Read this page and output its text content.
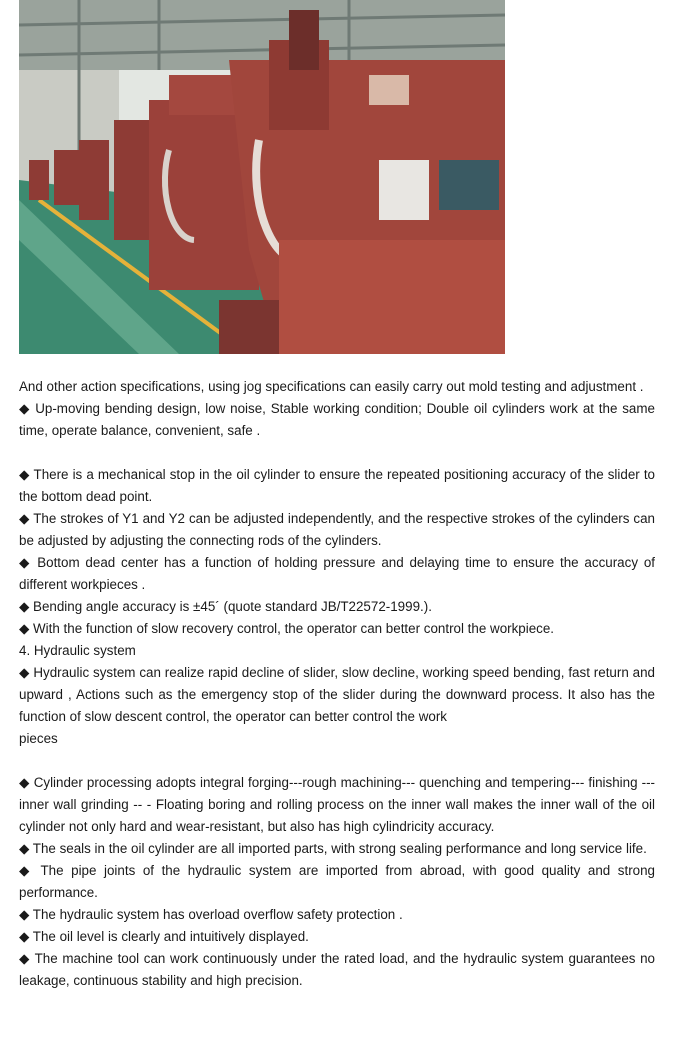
And other action specifications, using jog specifications can easily carry out mold testing and adjustment .

◆ Up-moving bending design, low noise, Stable working condition; Double oil cylinders work at the same time, operate balance, convenient, safe .

◆ There is a mechanical stop in the oil cylinder to ensure the repeated positioning accuracy of the slider to the bottom dead point.

◆ The strokes of Y1 and Y2 can be adjusted independently, and the respective strokes of the cylinders can be adjusted by adjusting the connecting rods of the cylinders.

◆ Bottom dead center has a function of holding pressure and delaying time to ensure the accuracy of different workpieces .

◆ Bending angle accuracy is ±45´ (quote standard JB/T22572-1999.).

◆ With the function of slow recovery control, the operator can better control the workpiece.

4. Hydraulic system

◆ Hydraulic system can realize rapid decline of slider, slow decline, working speed bending, fast return and upward , Actions such as the emergency stop of the slider during the downward process. It also has the function of slow descent control, the operator can better control the work

pieces

◆ Cylinder processing adopts integral forging---rough machining--- quenching and tempering--- finishing --- inner wall grinding -- - Floating boring and rolling process on the inner wall makes the inner wall of the oil cylinder not only hard and wear-resistant, but also has high cylindricity accuracy.

◆ The seals in the oil cylinder are all imported parts, with strong sealing performance and long service life.

◆ The pipe joints of the hydraulic system are imported from abroad, with good quality and strong performance.

◆ The hydraulic system has overload overflow safety protection .

◆ The oil level is clearly and intuitively displayed.

◆ The machine tool can work continuously under the rated load, and the hydraulic system guarantees no leakage, continuous stability and high precision.
